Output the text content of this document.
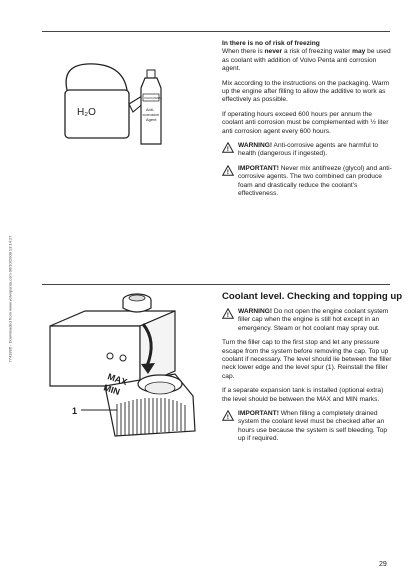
7741896 - Downloaded from www.volvopenta.com 06/10/2008 13:14:27
H₂O
VOLVO PENTA
Anti-
corrosion
Agent
In there is no of risk of freezing

When there is never a risk of freezing water may be used as coolant with addition of Volvo Penta anti corrosion agent.

Mix according to the instructions on the packaging. Warm up the engine after filling to allow the additive to work as effectively as possible.

If operating hours exceed 600 hours per annum the coolant anti corrosion must be complemented with ½ liter anti corrosion agent every 600 hours.

!
WARNING! Anti-corrosive agents are harmful to health (dangerous if ingested).
!
IMPORTANT! Never mix antifreeze (glycol) and anti-corrosive agents. The two combined can produce foam and drastically reduce the coolant’s effectiveness.
MAX
MIN
1
Coolant level. Checking and topping up
!
WARNING! Do not open the engine coolant system filler cap when the engine is still hot except in an emergency. Steam or hot coolant may spray out.

Turn the filler cap to the first stop and let any pressure escape from the system before removing the cap. Top up coolant if necessary. The level should lie between the filler neck lower edge and the level spur (1). Reinstall the filler cap.

If a separate expansion tank is installed (optional extra) the level should be between the MAX and MIN marks.

!
IMPORTANT! When filling a completely drained system the coolant level must be checked after an hours use because the system is self bleeding. Top up if required.
29
